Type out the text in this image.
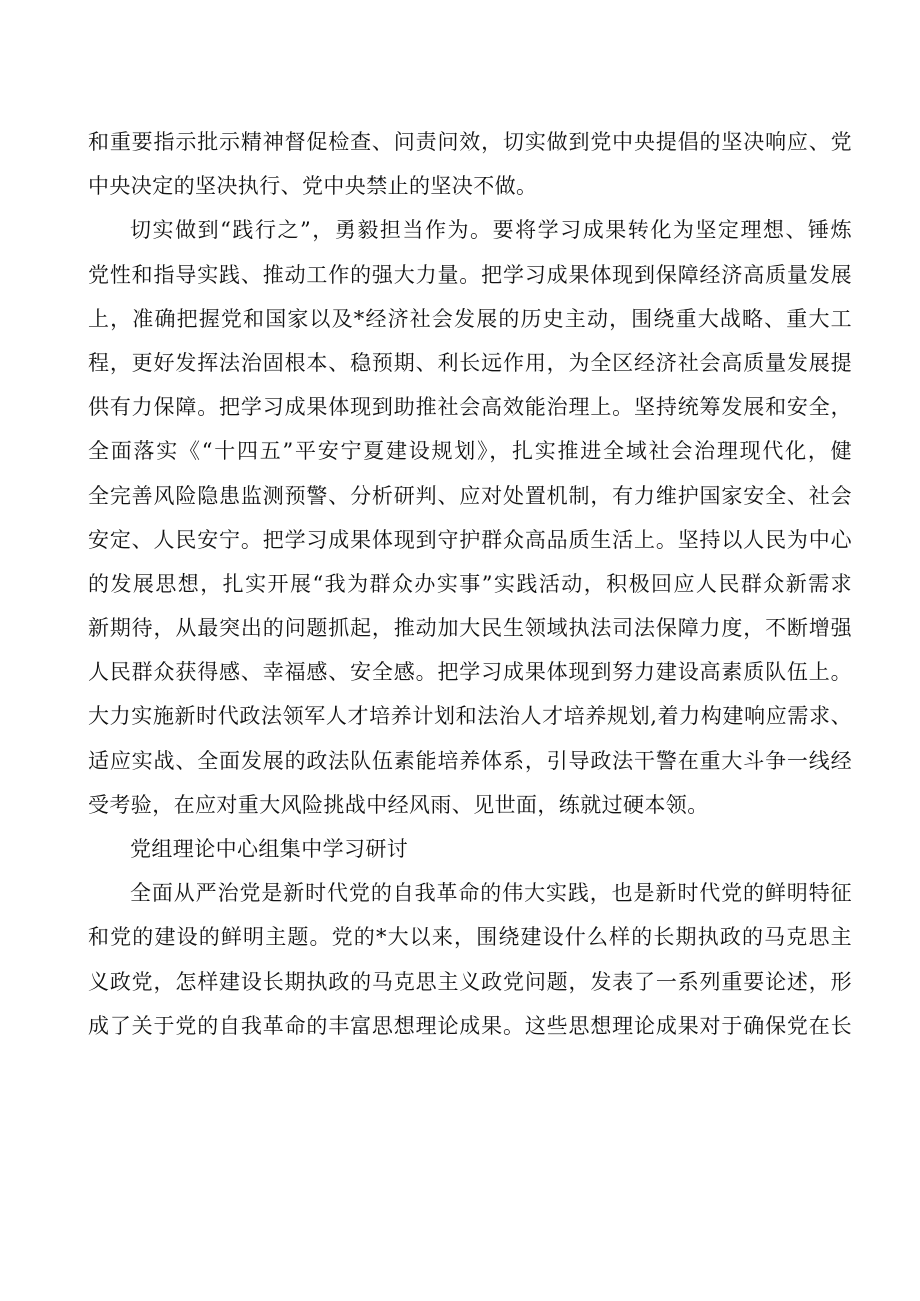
和重要指示批示精神督促检查、问责问效，切实做到党中央提倡的坚决响应、党
中央决定的坚决执行、党中央禁止的坚决不做。
切实做到“践行之”，勇毅担当作为。要将学习成果转化为坚定理想、锤炼
党性和指导实践、推动工作的强大力量。把学习成果体现到保障经济高质量发展
上，准确把握党和国家以及*经济社会发展的历史主动，围绕重大战略、重大工
程，更好发挥法治固根本、稳预期、利长远作用，为全区经济社会高质量发展提
供有力保障。把学习成果体现到助推社会高效能治理上。坚持统筹发展和安全，
全面落实《“十四五”平安宁夏建设规划》，扎实推进全域社会治理现代化，健
全完善风险隐患监测预警、分析研判、应对处置机制，有力维护国家安全、社会
安定、人民安宁。把学习成果体现到守护群众高品质生活上。坚持以人民为中心
的发展思想，扎实开展“我为群众办实事”实践活动，积极回应人民群众新需求
新期待，从最突出的问题抓起，推动加大民生领域执法司法保障力度，不断增强
人民群众获得感、幸福感、安全感。把学习成果体现到努力建设高素质队伍上。
大力实施新时代政法领军人才培养计划和法治人才培养规划,着力构建响应需求、
适应实战、全面发展的政法队伍素能培养体系，引导政法干警在重大斗争一线经
受考验，在应对重大风险挑战中经风雨、见世面，练就过硬本领。
党组理论中心组集中学习研讨
全面从严治党是新时代党的自我革命的伟大实践，也是新时代党的鲜明特征
和党的建设的鲜明主题。党的*大以来，围绕建设什么样的长期执政的马克思主
义政党，怎样建设长期执政的马克思主义政党问题，发表了一系列重要论述，形
成了关于党的自我革命的丰富思想理论成果。这些思想理论成果对于确保党在长
